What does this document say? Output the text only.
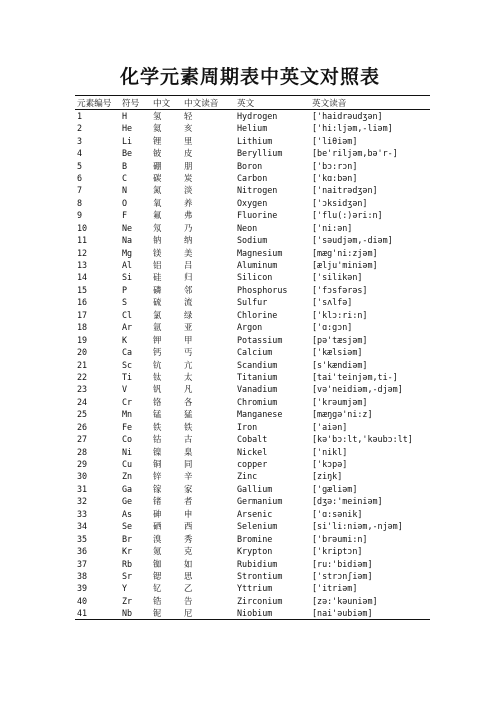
化学元素周期表中英文对照表
元素编号	符号	中文	中文读音	英文	英文读音
1	H	氢	轻	Hydrogen	['haidrəudʒən]
2	He	氦	亥	Helium	['hi:ljəm,-liəm]
3	Li	锂	里	Lithium	['liθiəm]
4	Be	铍	皮	Beryllium	[be'riljəm,bə'r-]
5	B	硼	朋	Boron	['bɔ:rɔn]
6	C	碳	炭	Carbon	['kɑ:bən]
7	N	氮	淡	Nitrogen	['naitrədʒən]
8	O	氧	养	Oxygen	['ɔksidʒən]
9	F	氟	弗	Fluorine	['flu(:)əri:n]
10	Ne	氖	乃	Neon	['ni:ən]
11	Na	钠	纳	Sodium	['səudjəm,-diəm]
12	Mg	镁	美	Magnesium	[mæg'ni:zjəm]
13	Al	铝	吕	Aluminum	[ælju'miniəm]
14	Si	硅	归	Silicon	['silikən]
15	P	磷	邻	Phosphorus	['fɔsfərəs]
16	S	硫	流	Sulfur	['sʌlfə]
17	Cl	氯	绿	Chlorine	['klɔ:ri:n]
18	Ar	氩	亚	Argon	['ɑ:gɔn]
19	K	钾	甲	Potassium	[pə'tæsjəm]
20	Ca	钙	丐	Calcium	['kælsiəm]
21	Sc	钪	亢	Scandium	[s'kændiəm]
22	Ti	钛	太	Titanium	[tai'teinjəm,ti-]
23	V	钒	凡	Vanadium	[və'neidiəm,-djəm]
24	Cr	铬	各	Chromium	['krəumjəm]
25	Mn	锰	猛	Manganese	[mæŋgə'ni:z]
26	Fe	铁	铁	Iron	['aiən]
27	Co	钴	古	Cobalt	[kə'bɔ:lt,'kəubɔ:lt]
28	Ni	镍	臬	Nickel	['nikl]
29	Cu	铜	同	copper	['kɔpə]
30	Zn	锌	辛	Zinc	[ziŋk]
31	Ga	镓	家	Gallium	['gæliəm]
32	Ge	锗	者	Germanium	[dʒə:'meiniəm]
33	As	砷	申	Arsenic	['ɑ:sənik]
34	Se	硒	西	Selenium	[si'li:niəm,-njəm]
35	Br	溴	秀	Bromine	['brəumi:n]
36	Kr	氪	克	Krypton	['kriptɔn]
37	Rb	铷	如	Rubidium	[ru:'bidiəm]
38	Sr	锶	思	Strontium	['strɔnʃiəm]
39	Y	钇	乙	Yttrium	['itriəm]
40	Zr	锆	告	Zirconium	[zə:'kəuniəm]
41	Nb	铌	尼	Niobium	[nai'əubiəm]
